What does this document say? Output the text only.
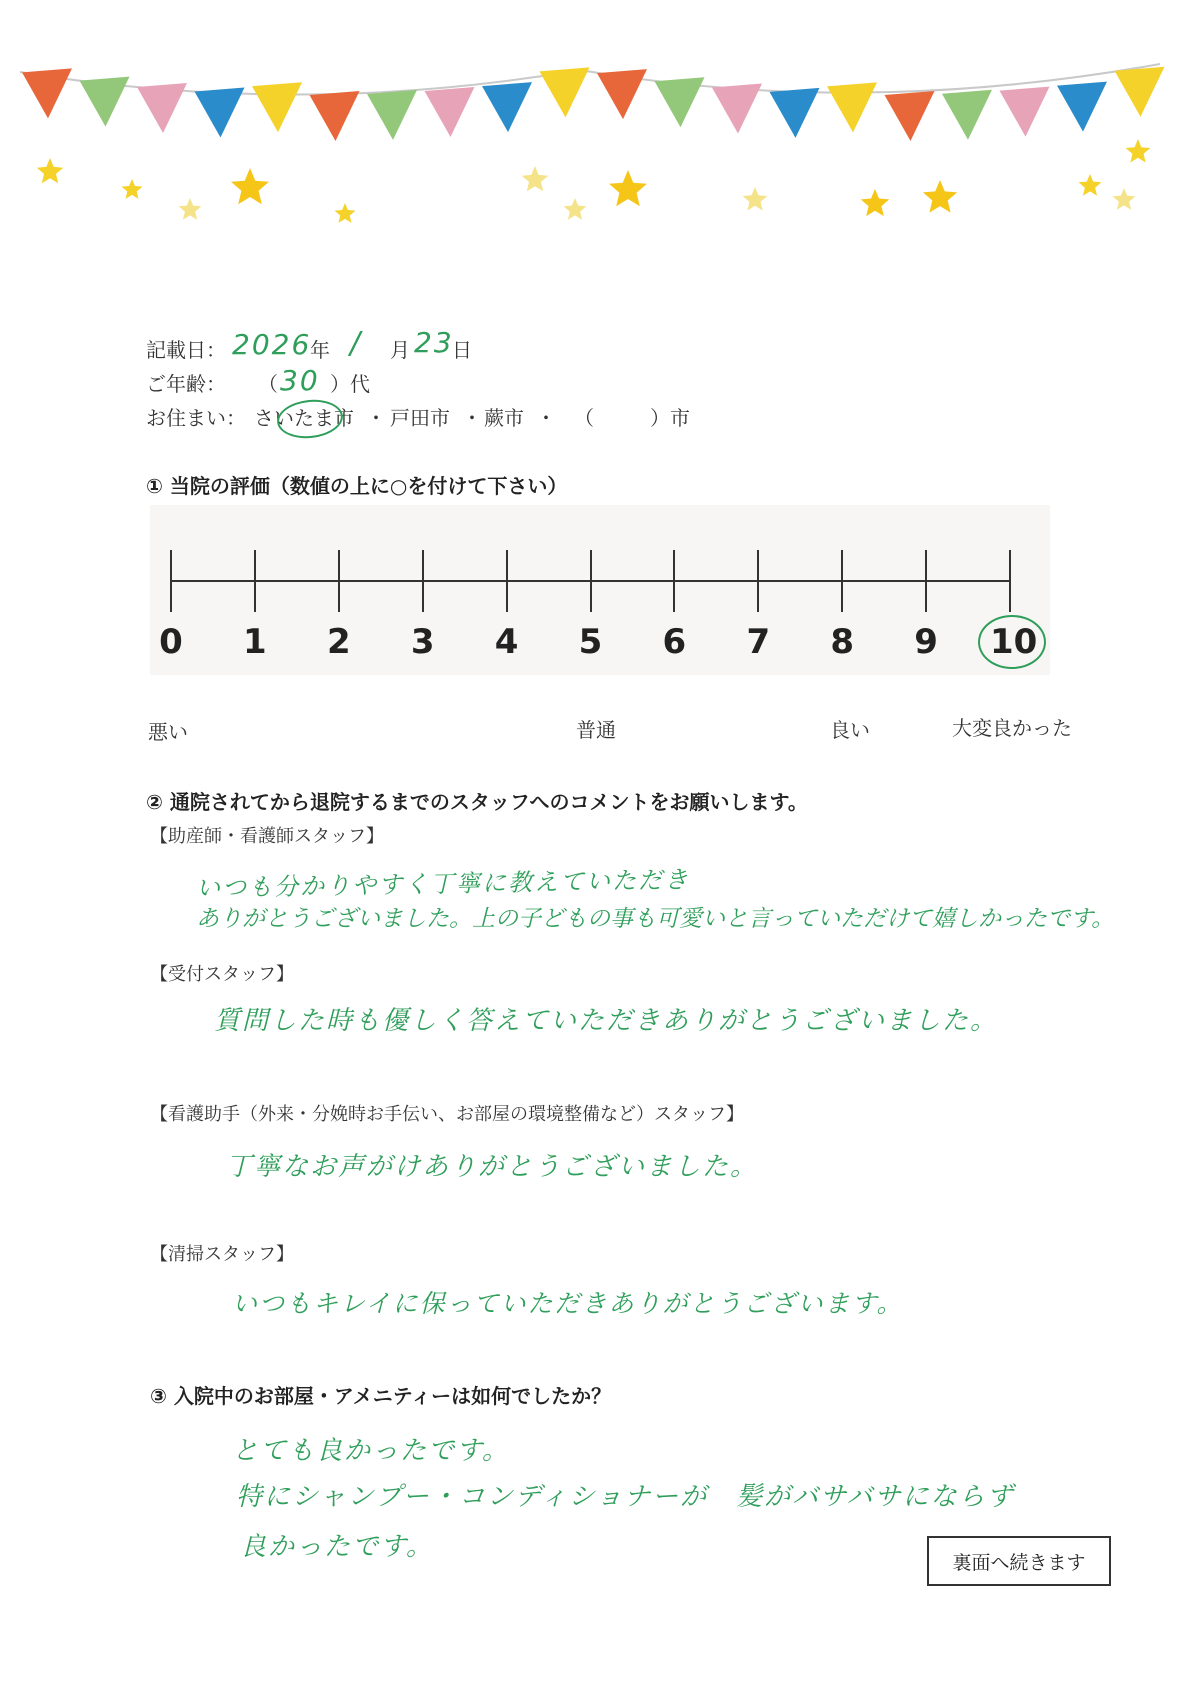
記載日： 2026
年 / 月 23
日
ご年齢： （ 30 ）代
お住まい： さいたま市 ・ 戸田市 ・ 蕨市 ・ （	）市
① 当院の評価（数値の上に○を付けて下さい）
0 1 2 3 4 5 6 7 8 9 10
悪い	普通	良い	大変良かった
② 通院されてから退院するまでのスタッフへのコメントをお願いします。
【助産師・看護師スタッフ】
いつも分かりやすく丁寧に教えていただき
ありがとうございました。上の子どもの事も可愛いと言っていただけて嬉しかったです。
【受付スタッフ】
質問した時も優しく答えていただきありがとうございました。
【看護助手（外来・分娩時お手伝い、お部屋の環境整備など）スタッフ】
丁寧なお声がけありがとうございました。
【清掃スタッフ】
いつもキレイに保っていただきありがとうございます。
③ 入院中のお部屋・アメニティーは如何でしたか？
とても良かったです。
特にシャンプー・コンディショナーが　髪がバサバサにならず
良かったです。
裏面へ続きます
